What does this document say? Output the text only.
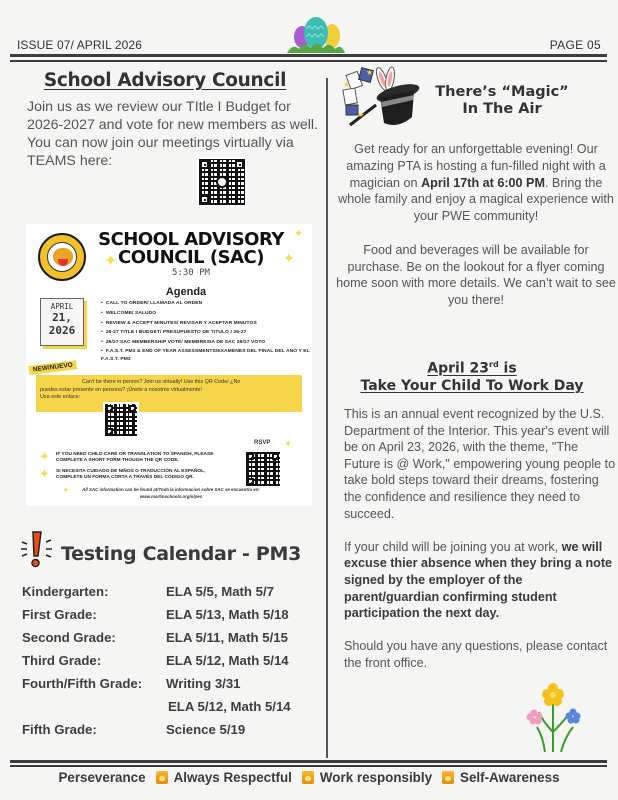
ISSUE 07/ APRIL 2026	PAGE 05
School Advisory Council
Join us as we review our TItle I Budget for 2026-2027 and vote for new members as well. You can now join our meetings virtually via TEAMS here:
SCHOOL ADVISORY
COUNCIL (SAC)
✦
✦
✦
5:30 PM
Agenda
APRIL
21,
2026
• CALL TO ORDER/ LLAMADA AL ORDEN
• WELCOME/ SALUDO
• REVIEW & ACCEPT MINUTES/ REVISAR Y ACEPTAR MINUTOS
• 26-27 TITLE I BUDGET/ PRESUPUESTO DE TITULO I 26-27
• 26/27 SAC MEMBERSHIP VOTE/ MEMBRESIA DE SAC 26/27 VOTO
• F.A.S.T. PM3 & END OF YEAR ASSESSMENTS/EXAMENES DEL FINAL DEL ANO Y EL F.A.S.T. PM3
NEW/NUEVO
Can't be there in person? Join us virtually! Use this QR Code/ ¿No
puedes estar presente en persona? ¡Únete a nosotros virtualmente!
Usa este enlace:
RSVP ✦
✦ IF YOU NEED CHILD CARE OR TRANSLATION TO SPANISH, PLEASE COMPLETE A SHORT FORM THOUGH THE QR CODE.
✦ SI NECESITA CUIDADO DE NIÑOS O TRADUCCIÓN AL ESPAÑOL, COMPLETE UN FORMA CORTA A TRAVÉS DEL CÓDIGO QR.
✦	All SAC information can be found at/Toda la informacion sobre SAC se encuentra en:
www.martinschools.org/o/pes
Testing Calendar - PM3
Kindergarten:	ELA 5/5, Math 5/7
First Grade:	ELA 5/13, Math 5/18
Second Grade:	ELA 5/11, Math 5/15
Third Grade:	ELA 5/12, Math 5/14
Fourth/Fifth Grade: Writing 3/31
ELA 5/12, Math 5/14
Fifth Grade:	Science 5/19
★
★
★
There’s “Magic”
In The Air

Get ready for an unforgettable evening! Our amazing PTA is hosting a fun-filled night with a magician on April 17th at 6:00 PM. Bring the whole family and enjoy a magical experience with your PWE community!

Food and beverages will be available for purchase. Be on the lookout for a flyer coming home soon with more details. We can’t wait to see you there!

April 23rd is
Take Your Child To Work Day

This is an annual event recognized by the U.S. Department of the Interior. This year's event will be on April 23, 2026, with the theme, "The Future is @ Work," empowering young people to take bold steps toward their dreams, fostering the confidence and resilience they need to succeed.

If your child will be joining you at work, we will excuse thier absence when they bring a note signed by the employer of the parent/guardian confirming student participation the next day.

Should you have any questions, please contact the front office.

Perseverance Always Respectful Work responsibly Self-Awareness
